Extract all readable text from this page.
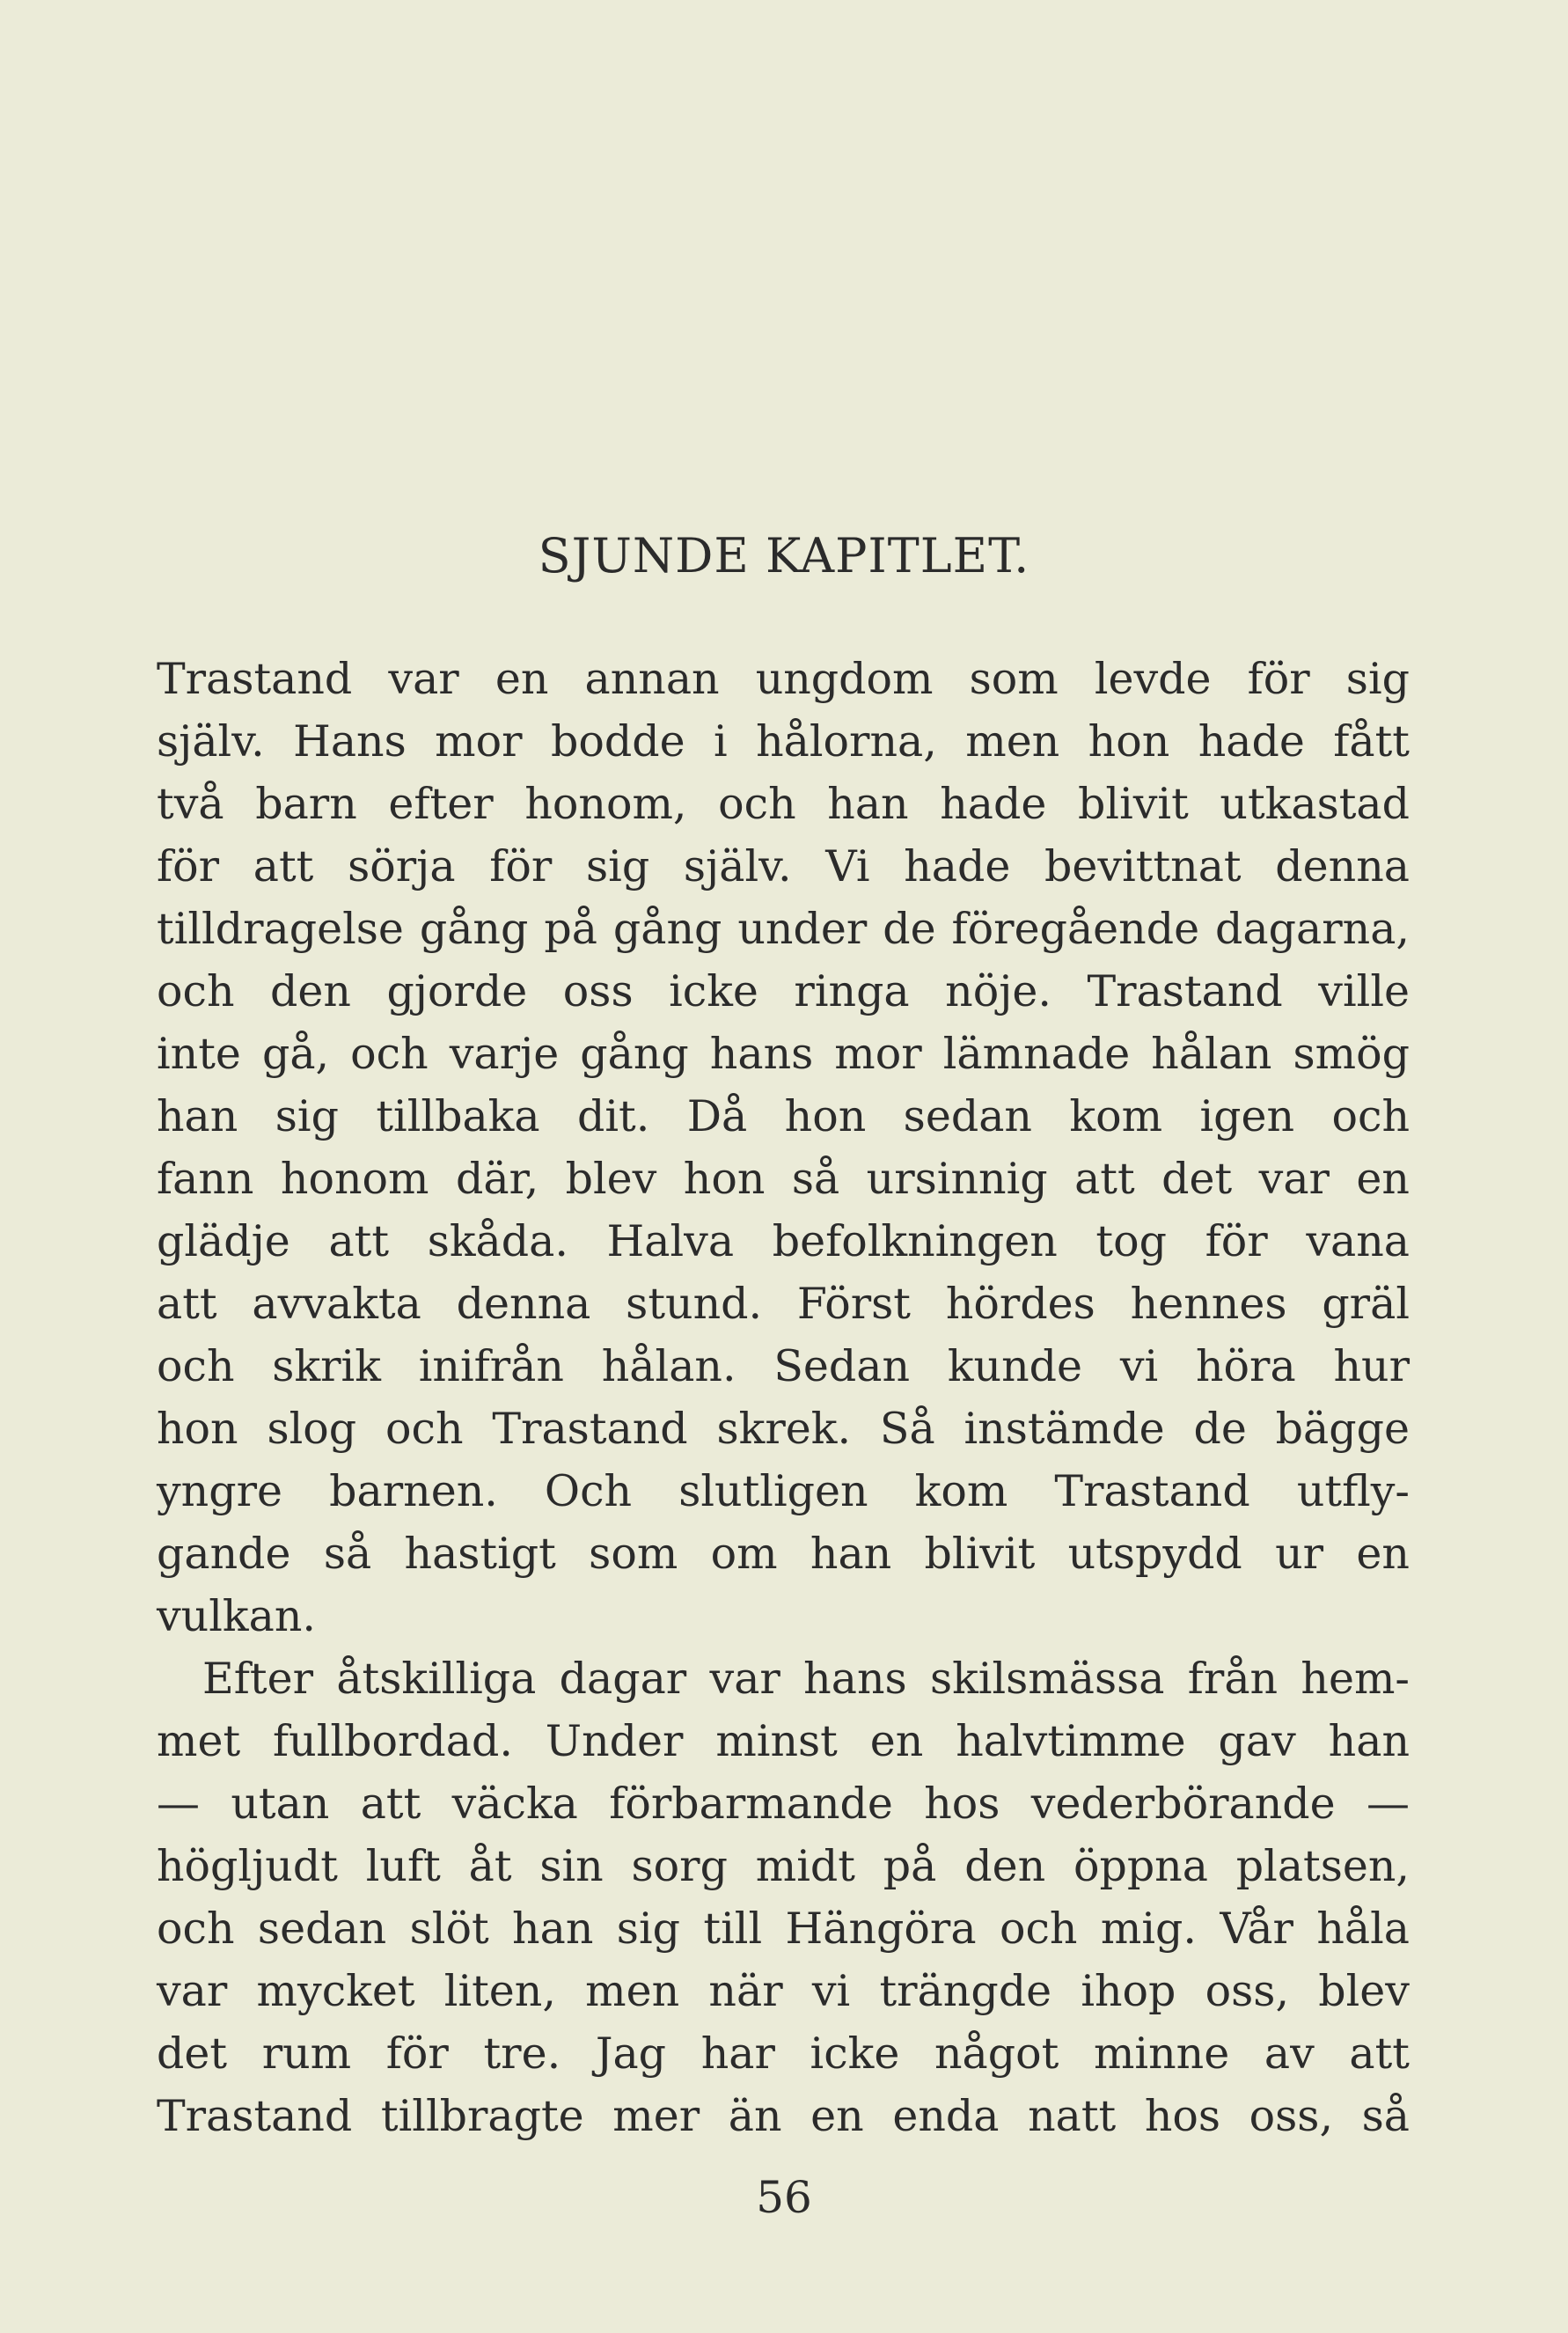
SJUNDE KAPITLET.
Trastand var en annan ungdom som levde för sig
själv. Hans mor bodde i hålorna, men hon hade fått
två barn efter honom, och han hade blivit utkastad
för att sörja för sig själv. Vi hade bevittnat denna
tilldragelse gång på gång under de föregående dagarna,
och den gjorde oss icke ringa nöje. Trastand ville
inte gå, och varje gång hans mor lämnade hålan smög
han sig tillbaka dit. Då hon sedan kom igen och
fann honom där, blev hon så ursinnig att det var en
glädje att skåda. Halva befolkningen tog för vana
att avvakta denna stund. Först hördes hennes gräl
och skrik inifrån hålan. Sedan kunde vi höra hur
hon slog och Trastand skrek. Så instämde de bägge
yngre barnen. Och slutligen kom Trastand utfly-
gande så hastigt som om han blivit utspydd ur en
vulkan.
Efter åtskilliga dagar var hans skilsmässa från hem-
met fullbordad. Under minst en halvtimme gav han
— utan att väcka förbarmande hos vederbörande —
högljudt luft åt sin sorg midt på den öppna platsen,
och sedan slöt han sig till Hängöra och mig. Vår håla
var mycket liten, men när vi trängde ihop oss, blev
det rum för tre. Jag har icke något minne av att
Trastand tillbragte mer än en enda natt hos oss, så
56
